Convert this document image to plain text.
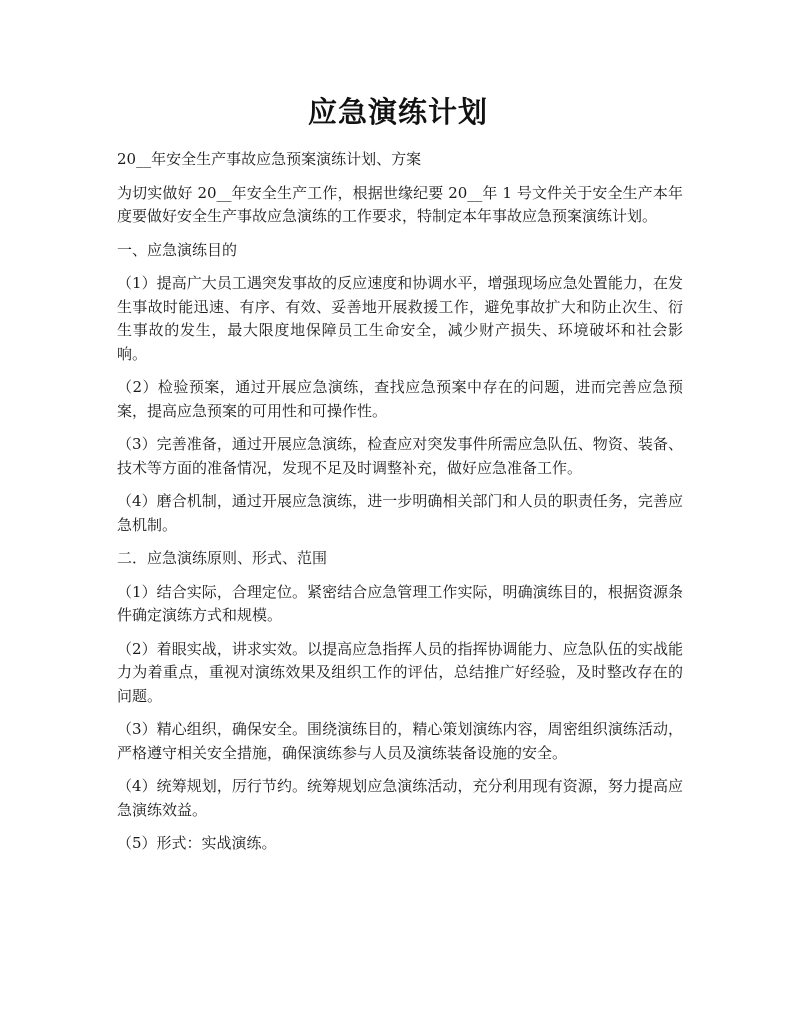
应急演练计划

20__年安全生产事故应急预案演练计划、方案

为切实做好 20__年安全生产工作，根据世缘纪要 20__年 1 号文件关于安全生产本年度要做好安全生产事故应急演练的工作要求，特制定本年事故应急预案演练计划。

一、应急演练目的

（1）提高广大员工遇突发事故的反应速度和协调水平，增强现场应急处置能力，在发生事故时能迅速、有序、有效、妥善地开展救援工作，避免事故扩大和防止次生、衍生事故的发生，最大限度地保障员工生命安全，减少财产损失、环境破坏和社会影响。

（2）检验预案，通过开展应急演练，查找应急预案中存在的问题，进而完善应急预案，提高应急预案的可用性和可操作性。

（3）完善准备，通过开展应急演练，检查应对突发事件所需应急队伍、物资、装备、技术等方面的准备情况，发现不足及时调整补充，做好应急准备工作。

（4）磨合机制，通过开展应急演练，进一步明确相关部门和人员的职责任务，完善应急机制。

二．应急演练原则、形式、范围

（1）结合实际，合理定位。紧密结合应急管理工作实际，明确演练目的，根据资源条件确定演练方式和规模。

（2）着眼实战，讲求实效。以提高应急指挥人员的指挥协调能力、应急队伍的实战能力为着重点，重视对演练效果及组织工作的评估，总结推广好经验，及时整改存在的问题。

（3）精心组织，确保安全。围绕演练目的，精心策划演练内容，周密组织演练活动，严格遵守相关安全措施，确保演练参与人员及演练装备设施的安全。

（4）统筹规划，厉行节约。统筹规划应急演练活动，充分利用现有资源，努力提高应急演练效益。

（5）形式：实战演练。
